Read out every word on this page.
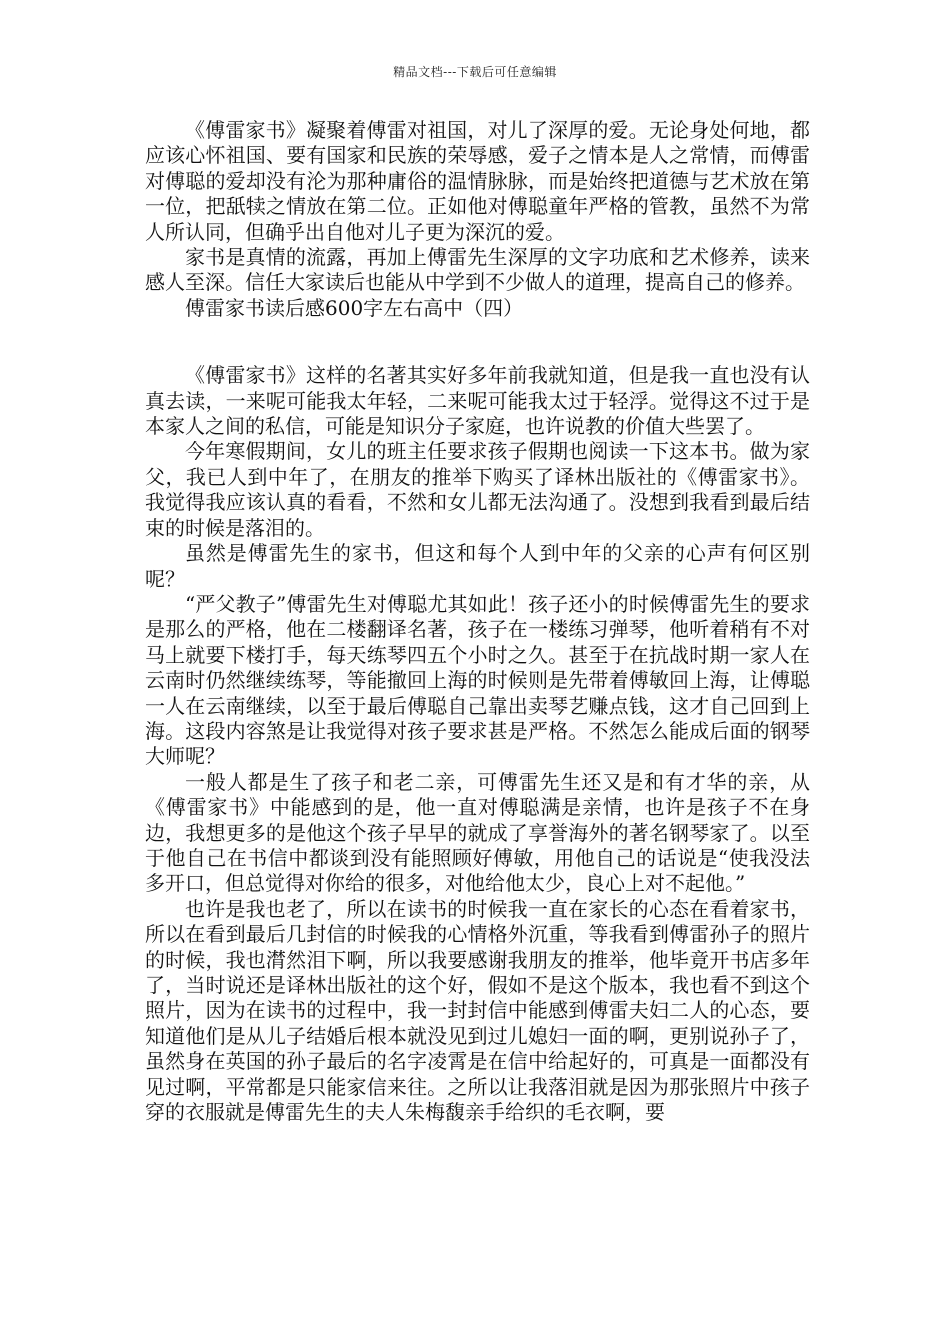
精品文档---下载后可任意编辑

《傅雷家书》凝聚着傅雷对祖国，对儿了深厚的爱。无论身处何地，都应该心怀祖国、要有国家和民族的荣辱感，爱子之情本是人之常情，而傅雷对傅聪的爱却没有沦为那种庸俗的温情脉脉，而是始终把道德与艺术放在第一位，把舐犊之情放在第二位。正如他对傅聪童年严格的管教，虽然不为常人所认同，但确乎出自他对儿子更为深沉的爱。

家书是真情的流露，再加上傅雷先生深厚的文字功底和艺术修养，读来感人至深。信任大家读后也能从中学到不少做人的道理，提高自己的修养。

傅雷家书读后感600字左右高中（四）

《傅雷家书》这样的名著其实好多年前我就知道，但是我一直也没有认真去读，一来呢可能我太年轻，二来呢可能我太过于轻浮。觉得这不过于是本家人之间的私信，可能是知识分子家庭，也许说教的价值大些罢了。

今年寒假期间，女儿的班主任要求孩子假期也阅读一下这本书。做为家父，我已人到中年了，在朋友的推举下购买了译林出版社的《傅雷家书》。我觉得我应该认真的看看，不然和女儿都无法沟通了。没想到我看到最后结束的时候是落泪的。

虽然是傅雷先生的家书，但这和每个人到中年的父亲的心声有何区别呢？

“严父教子”傅雷先生对傅聪尤其如此！孩子还小的时候傅雷先生的要求是那么的严格，他在二楼翻译名著，孩子在一楼练习弹琴，他听着稍有不对马上就要下楼打手，每天练琴四五个小时之久。甚至于在抗战时期一家人在云南时仍然继续练琴，等能撤回上海的时候则是先带着傅敏回上海，让傅聪一人在云南继续，以至于最后傅聪自己靠出卖琴艺赚点钱，这才自己回到上海。这段内容煞是让我觉得对孩子要求甚是严格。不然怎么能成后面的钢琴大师呢？

一般人都是生了孩子和老二亲，可傅雷先生还又是和有才华的亲，从《傅雷家书》中能感到的是，他一直对傅聪满是亲情，也许是孩子不在身边，我想更多的是他这个孩子早早的就成了享誉海外的著名钢琴家了。以至于他自己在书信中都谈到没有能照顾好傅敏，用他自己的话说是“使我没法多开口，但总觉得对你给的很多，对他给他太少，良心上对不起他。”

也许是我也老了，所以在读书的时候我一直在家长的心态在看着家书，所以在看到最后几封信的时候我的心情格外沉重，等我看到傅雷孙子的照片的时候，我也潸然泪下啊，所以我要感谢我朋友的推举，他毕竟开书店多年了，当时说还是译林出版社的这个好，假如不是这个版本，我也看不到这个照片，因为在读书的过程中，我一封封信中能感到傅雷夫妇二人的心态，要知道他们是从儿子结婚后根本就没见到过儿媳妇一面的啊，更别说孙子了，虽然身在英国的孙子最后的名字凌霄是在信中给起好的，可真是一面都没有见过啊，平常都是只能家信来往。之所以让我落泪就是因为那张照片中孩子穿的衣服就是傅雷先生的夫人朱梅馥亲手给织的毛衣啊，要
